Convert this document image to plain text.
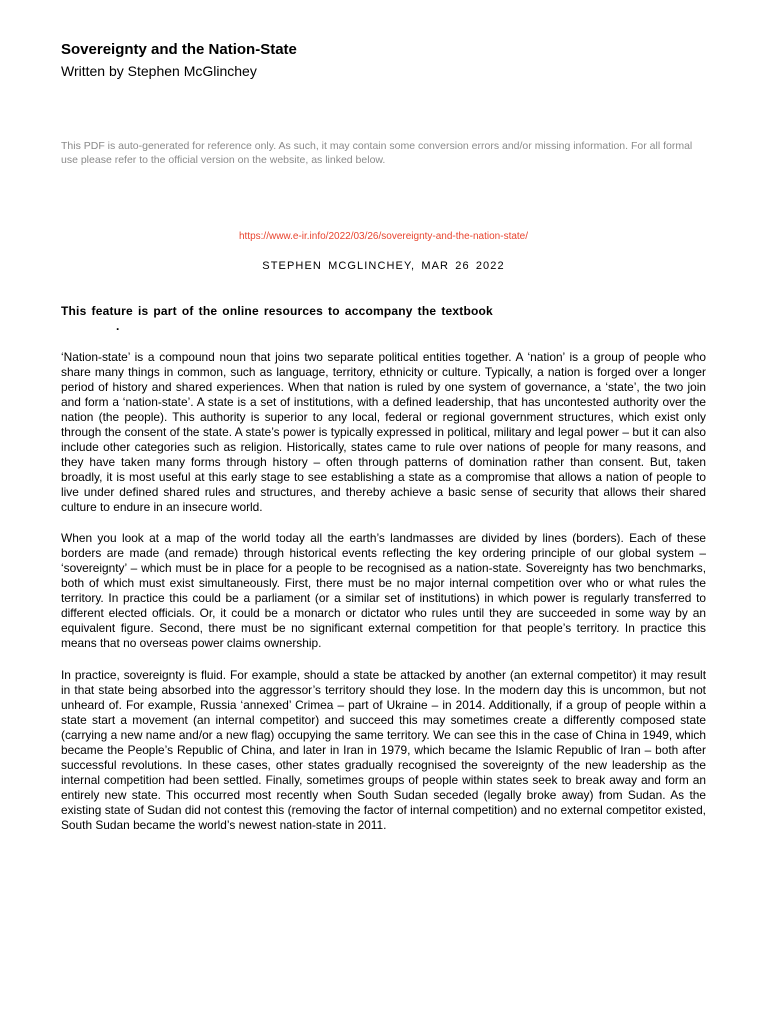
Sovereignty and the Nation-State
Written by Stephen McGlinchey
This PDF is auto-generated for reference only. As such, it may contain some conversion errors and/or missing information. For all formal use please refer to the official version on the website, as linked below.
https://www.e-ir.info/2022/03/26/sovereignty-and-the-nation-state/
STEPHEN MCGLINCHEY, MAR 26 2022
This feature is part of the online resources to accompany the textbook
.

‘Nation-state’ is a compound noun that joins two separate political entities together. A ‘nation’ is a group of people who share many things in common, such as language, territory, ethnicity or culture. Typically, a nation is forged over a longer period of history and shared experiences. When that nation is ruled by one system of governance, a ‘state’, the two join and form a ‘nation-state’. A state is a set of institutions, with a defined leadership, that has uncontested authority over the nation (the people). This authority is superior to any local, federal or regional government structures, which exist only through the consent of the state. A state’s power is typically expressed in political, military and legal power – but it can also include other categories such as religion. Historically, states came to rule over nations of people for many reasons, and they have taken many forms through history – often through patterns of domination rather than consent. But, taken broadly, it is most useful at this early stage to see establishing a state as a compromise that allows a nation of people to live under defined shared rules and structures, and thereby achieve a basic sense of security that allows their shared culture to endure in an insecure world.

When you look at a map of the world today all the earth’s landmasses are divided by lines (borders). Each of these borders are made (and remade) through historical events reflecting the key ordering principle of our global system – ‘sovereignty’ – which must be in place for a people to be recognised as a nation-state. Sovereignty has two benchmarks, both of which must exist simultaneously. First, there must be no major internal competition over who or what rules the territory. In practice this could be a parliament (or a similar set of institutions) in which power is regularly transferred to different elected officials. Or, it could be a monarch or dictator who rules until they are succeeded in some way by an equivalent figure. Second, there must be no significant external competition for that people’s territory. In practice this means that no overseas power claims ownership.

In practice, sovereignty is fluid. For example, should a state be attacked by another (an external competitor) it may result in that state being absorbed into the aggressor’s territory should they lose. In the modern day this is uncommon, but not unheard of. For example, Russia ‘annexed’ Crimea – part of Ukraine – in 2014. Additionally, if a group of people within a state start a movement (an internal competitor) and succeed this may sometimes create a differently composed state (carrying a new name and/or a new flag) occupying the same territory. We can see this in the case of China in 1949, which became the People’s Republic of China, and later in Iran in 1979, which became the Islamic Republic of Iran – both after successful revolutions. In these cases, other states gradually recognised the sovereignty of the new leadership as the internal competition had been settled. Finally, sometimes groups of people within states seek to break away and form an entirely new state. This occurred most recently when South Sudan seceded (legally broke away) from Sudan. As the existing state of Sudan did not contest this (removing the factor of internal competition) and no external competitor existed, South Sudan became the world’s newest nation-state in 2011.
